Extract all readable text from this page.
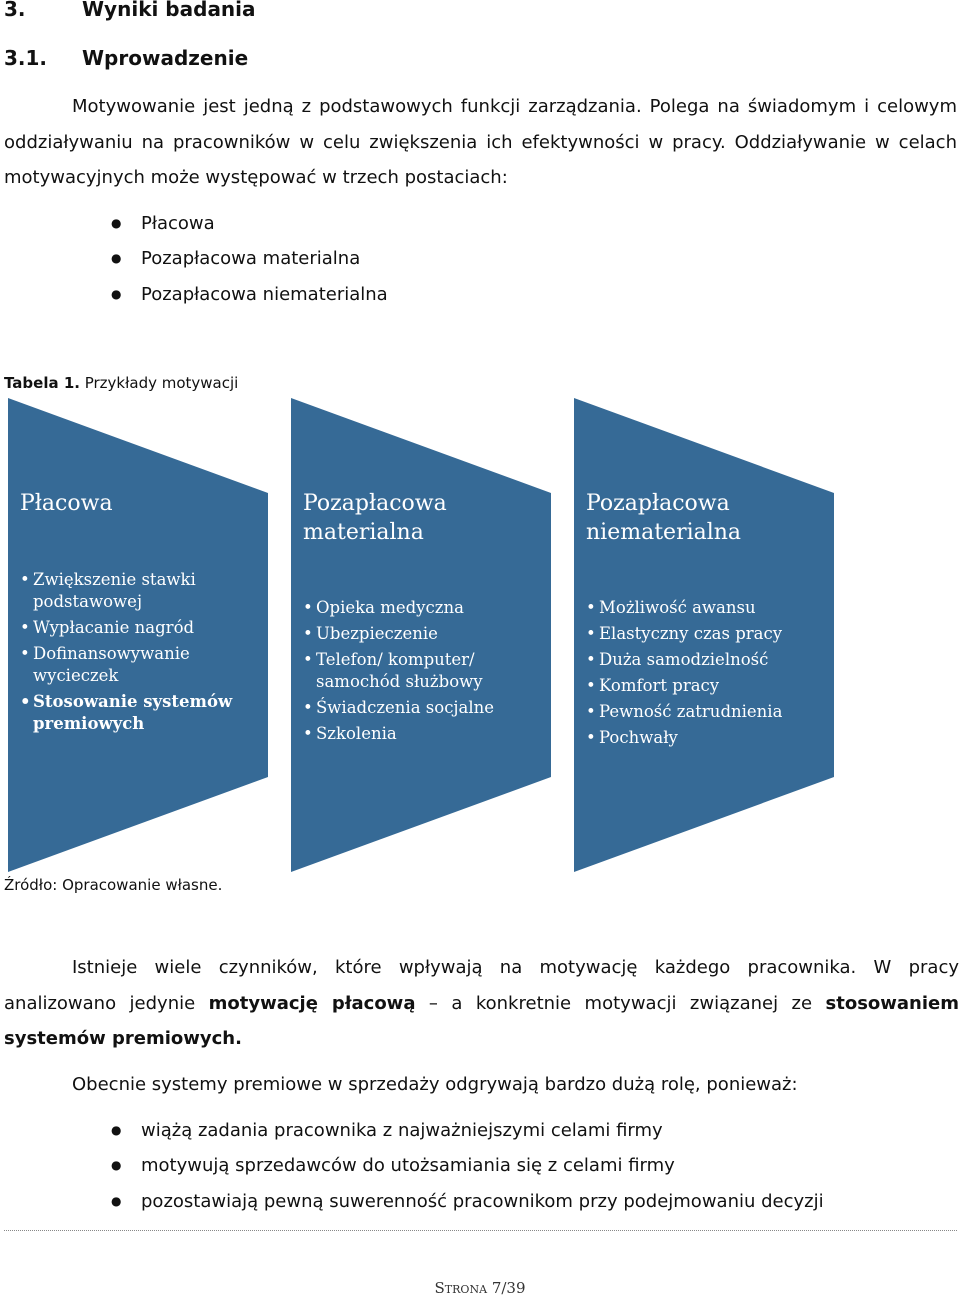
3.	Wyniki badania
3.1. Wprowadzenie
Motywowanie jest jedną z podstawowych funkcji zarządzania. Polega na świadomym i celowym oddziaływaniu na pracowników w celu zwiększenia ich efektywności w pracy. Oddziaływanie w celach motywacyjnych może występować w trzech postaciach:
● Płacowa
● Pozapłacowa materialna
● Pozapłacowa niematerialna
Tabela 1. Przykłady motywacji
Płacowa
• Zwiększenie stawki podstawowej
• Wypłacanie nagród
• Dofinansowywanie wycieczek
• Stosowanie systemów premiowych
Pozapłacowa materialna
• Opieka medyczna
• Ubezpieczenie
• Telefon/ komputer/ samochód służbowy
• Świadczenia socjalne
• Szkolenia
Pozapłacowa niematerialna
• Możliwość awansu
• Elastyczny czas pracy
• Duża samodzielność
• Komfort pracy
• Pewność zatrudnienia
• Pochwały
Źródło: Opracowanie własne.
Istnieje wiele czynników, które wpływają na motywację każdego pracownika. W pracy analizowano jedynie motywację płacową – a konkretnie motywacji związanej ze stosowaniem systemów premiowych.
Obecnie systemy premiowe w sprzedaży odgrywają bardzo dużą rolę, ponieważ:
● wiążą zadania pracownika z najważniejszymi celami firmy
● motywują sprzedawców do utożsamiania się z celami firmy
● pozostawiają pewną suwerenność pracownikom przy podejmowaniu decyzji
STRONA 7/39
